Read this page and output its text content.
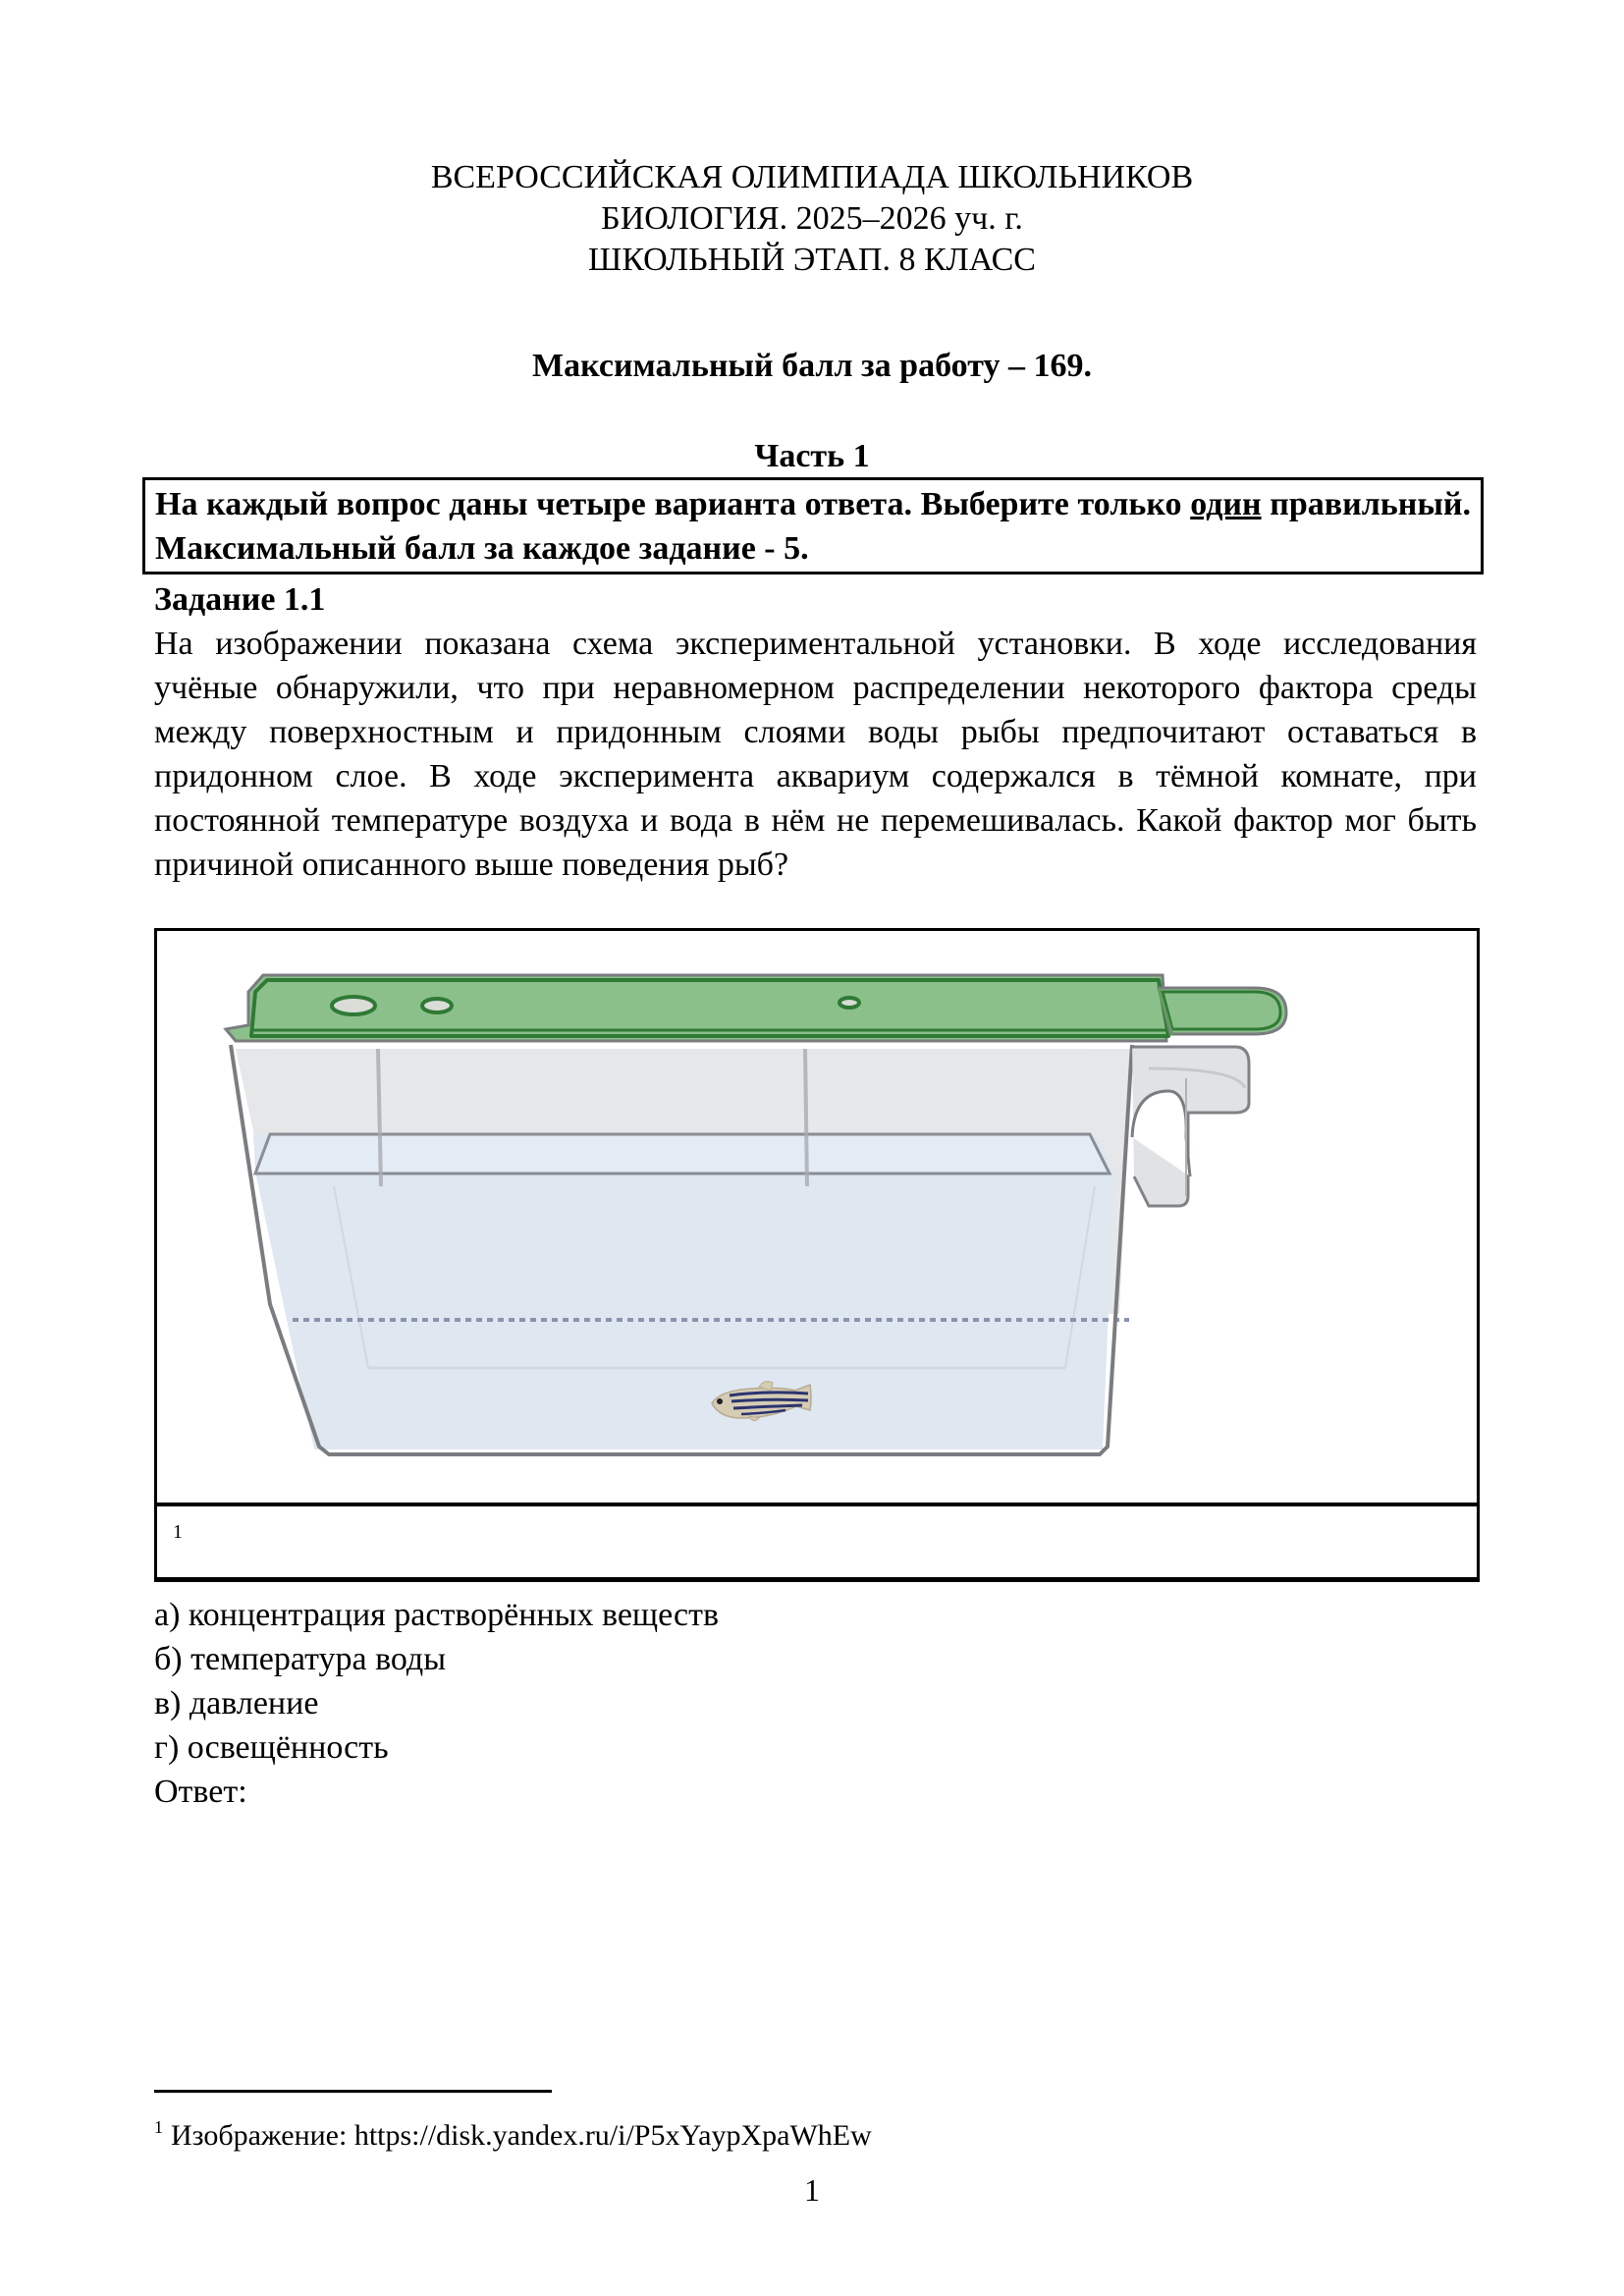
ВСЕРОССИЙСКАЯ ОЛИМПИАДА ШКОЛЬНИКОВ
БИОЛОГИЯ. 2025–2026 уч. г.
ШКОЛЬНЫЙ ЭТАП. 8 КЛАСС
Максимальный балл за работу – 169.
Часть 1

На каждый вопрос даны четыре варианта ответа. Выберите только один правильный. Максимальный балл за каждое задание - 5.

Задание 1.1

На изображении показана схема экспериментальной установки. В ходе исследования учёные обнаружили, что при неравномерном распределении некоторого фактора среды между поверхностным и придонным слоями воды рыбы предпочитают оставаться в придонном слое. В ходе эксперимента аквариум содержался в тёмной комнате, при постоянной температуре воздуха и вода в нём не перемешивалась. Какой фактор мог быть причиной описанного выше поведения рыб?

1
а) концентрация растворённых веществ
б) температура воды
в) давление
г) освещённость
Ответ:
$^1$ Изображение: https://disk.yandex.ru/i/P5xYaypXpaWhEw
1
